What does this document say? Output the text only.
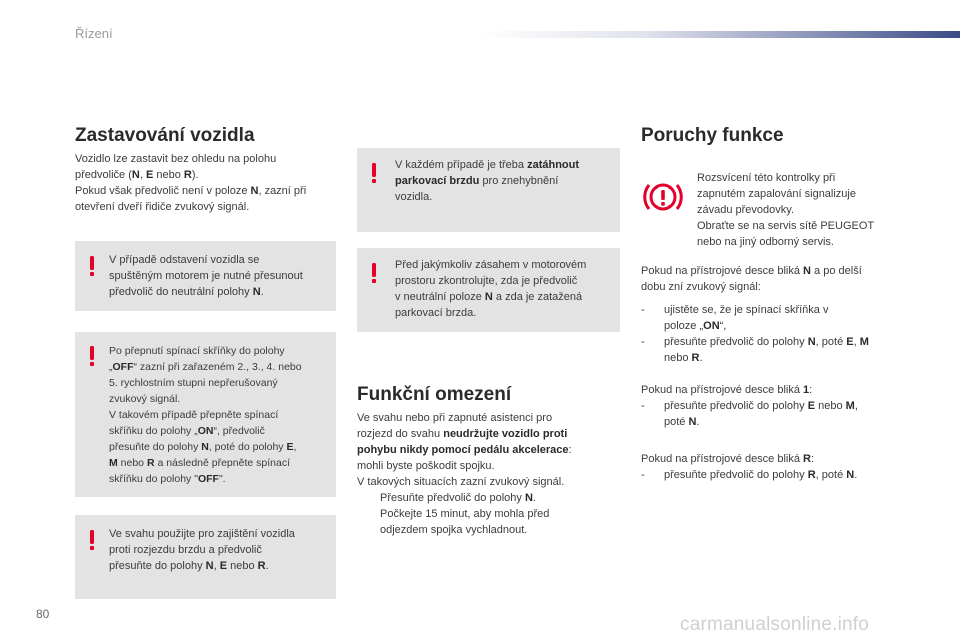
Řízení
Zastavování vozidla
Vozidlo lze zastavit bez ohledu na polohu
předvoliče (N, E nebo R).
Pokud však předvolič není v poloze N, zazní při
otevření dveří řidiče zvukový signál.
V případě odstavení vozidla se
spuštěným motorem je nutné přesunout
předvolič do neutrální polohy N.
Po přepnutí spínací skříňky do polohy
„OFF“ zazní při zařazeném 2., 3., 4. nebo
5. rychlostním stupni nepřerušovaný
zvukový signál.
V takovém případě přepněte spínací
skříňku do polohy „ON“, předvolič
přesuňte do polohy N, poté do polohy E,
M nebo R a následně přepněte spínací
skříňku do polohy "OFF".
Ve svahu použijte pro zajištění vozidla
proti rozjezdu brzdu a předvolič
přesuňte do polohy N, E nebo R.
V každém případě je třeba zatáhnout
parkovací brzdu pro znehybnění
vozidla.
Před jakýmkoliv zásahem v motorovém
prostoru zkontrolujte, zda je předvolič
v neutrální poloze N a zda je zatažená
parkovací brzda.
Funkční omezení
Ve svahu nebo při zapnuté asistenci pro
rozjezd do svahu neudržujte vozidlo proti
pohybu nikdy pomocí pedálu akcelerace:
mohli byste poškodit spojku.
V takových situacích zazní zvukový signál.
Přesuňte předvolič do polohy N.
Počkejte 15 minut, aby mohla před
odjezdem spojka vychladnout.
Poruchy funkce
Rozsvícení této kontrolky při
zapnutém zapalování signalizuje
závadu převodovky.
Obraťte se na servis sítě PEUGEOT
nebo na jiný odborný servis.
Pokud na přístrojové desce bliká N a po delší
dobu zní zvukový signál:
- ujistěte se, že je spínací skříňka v
poloze „ON“,
- přesuňte předvolič do polohy N, poté E, M
nebo R.
Pokud na přístrojové desce bliká 1:
- přesuňte předvolič do polohy E nebo M,
poté N.
Pokud na přístrojové desce bliká R:
- přesuňte předvolič do polohy R, poté N.
80	carmanualsonline.info
